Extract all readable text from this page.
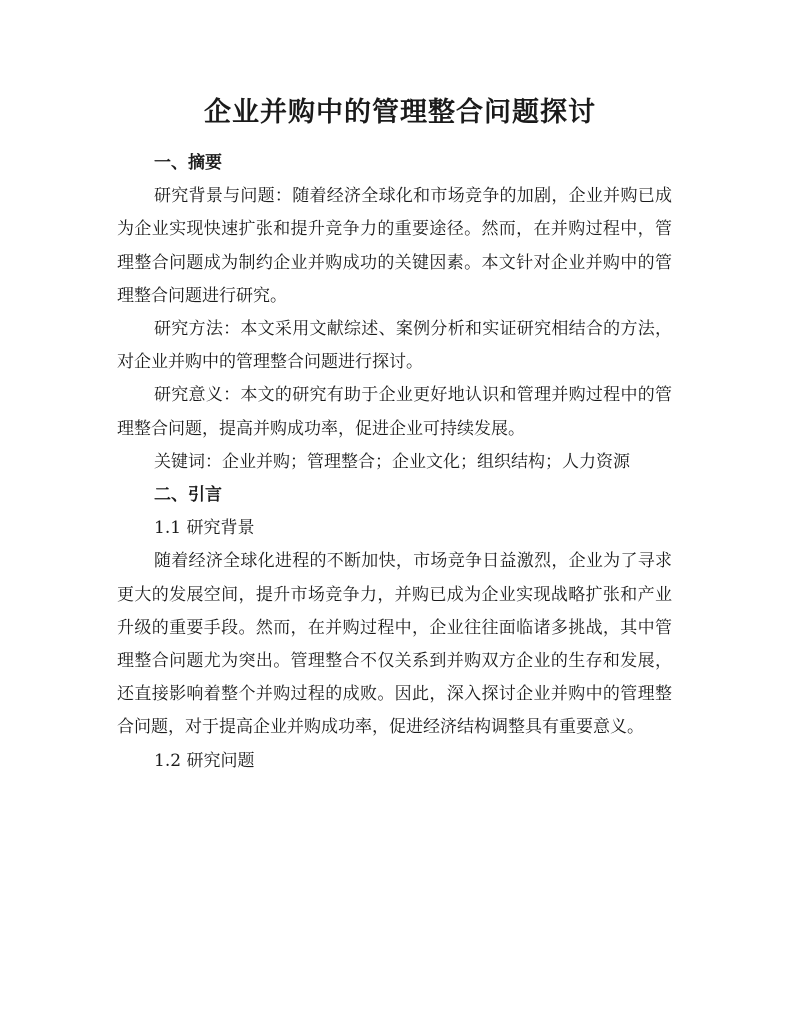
企业并购中的管理整合问题探讨

一、摘要

研究背景与问题：随着经济全球化和市场竞争的加剧，企业并购已成为企业实现快速扩张和提升竞争力的重要途径。然而，在并购过程中，管理整合问题成为制约企业并购成功的关键因素。本文针对企业并购中的管理整合问题进行研究。

研究方法：本文采用文献综述、案例分析和实证研究相结合的方法，对企业并购中的管理整合问题进行探讨。

研究意义：本文的研究有助于企业更好地认识和管理并购过程中的管理整合问题，提高并购成功率，促进企业可持续发展。

关键词：企业并购；管理整合；企业文化；组织结构；人力资源

二、引言

1.1 研究背景

随着经济全球化进程的不断加快，市场竞争日益激烈，企业为了寻求更大的发展空间，提升市场竞争力，并购已成为企业实现战略扩张和产业升级的重要手段。然而，在并购过程中，企业往往面临诸多挑战，其中管理整合问题尤为突出。管理整合不仅关系到并购双方企业的生存和发展，还直接影响着整个并购过程的成败。因此，深入探讨企业并购中的管理整合问题，对于提高企业并购成功率，促进经济结构调整具有重要意义。

1.2 研究问题
